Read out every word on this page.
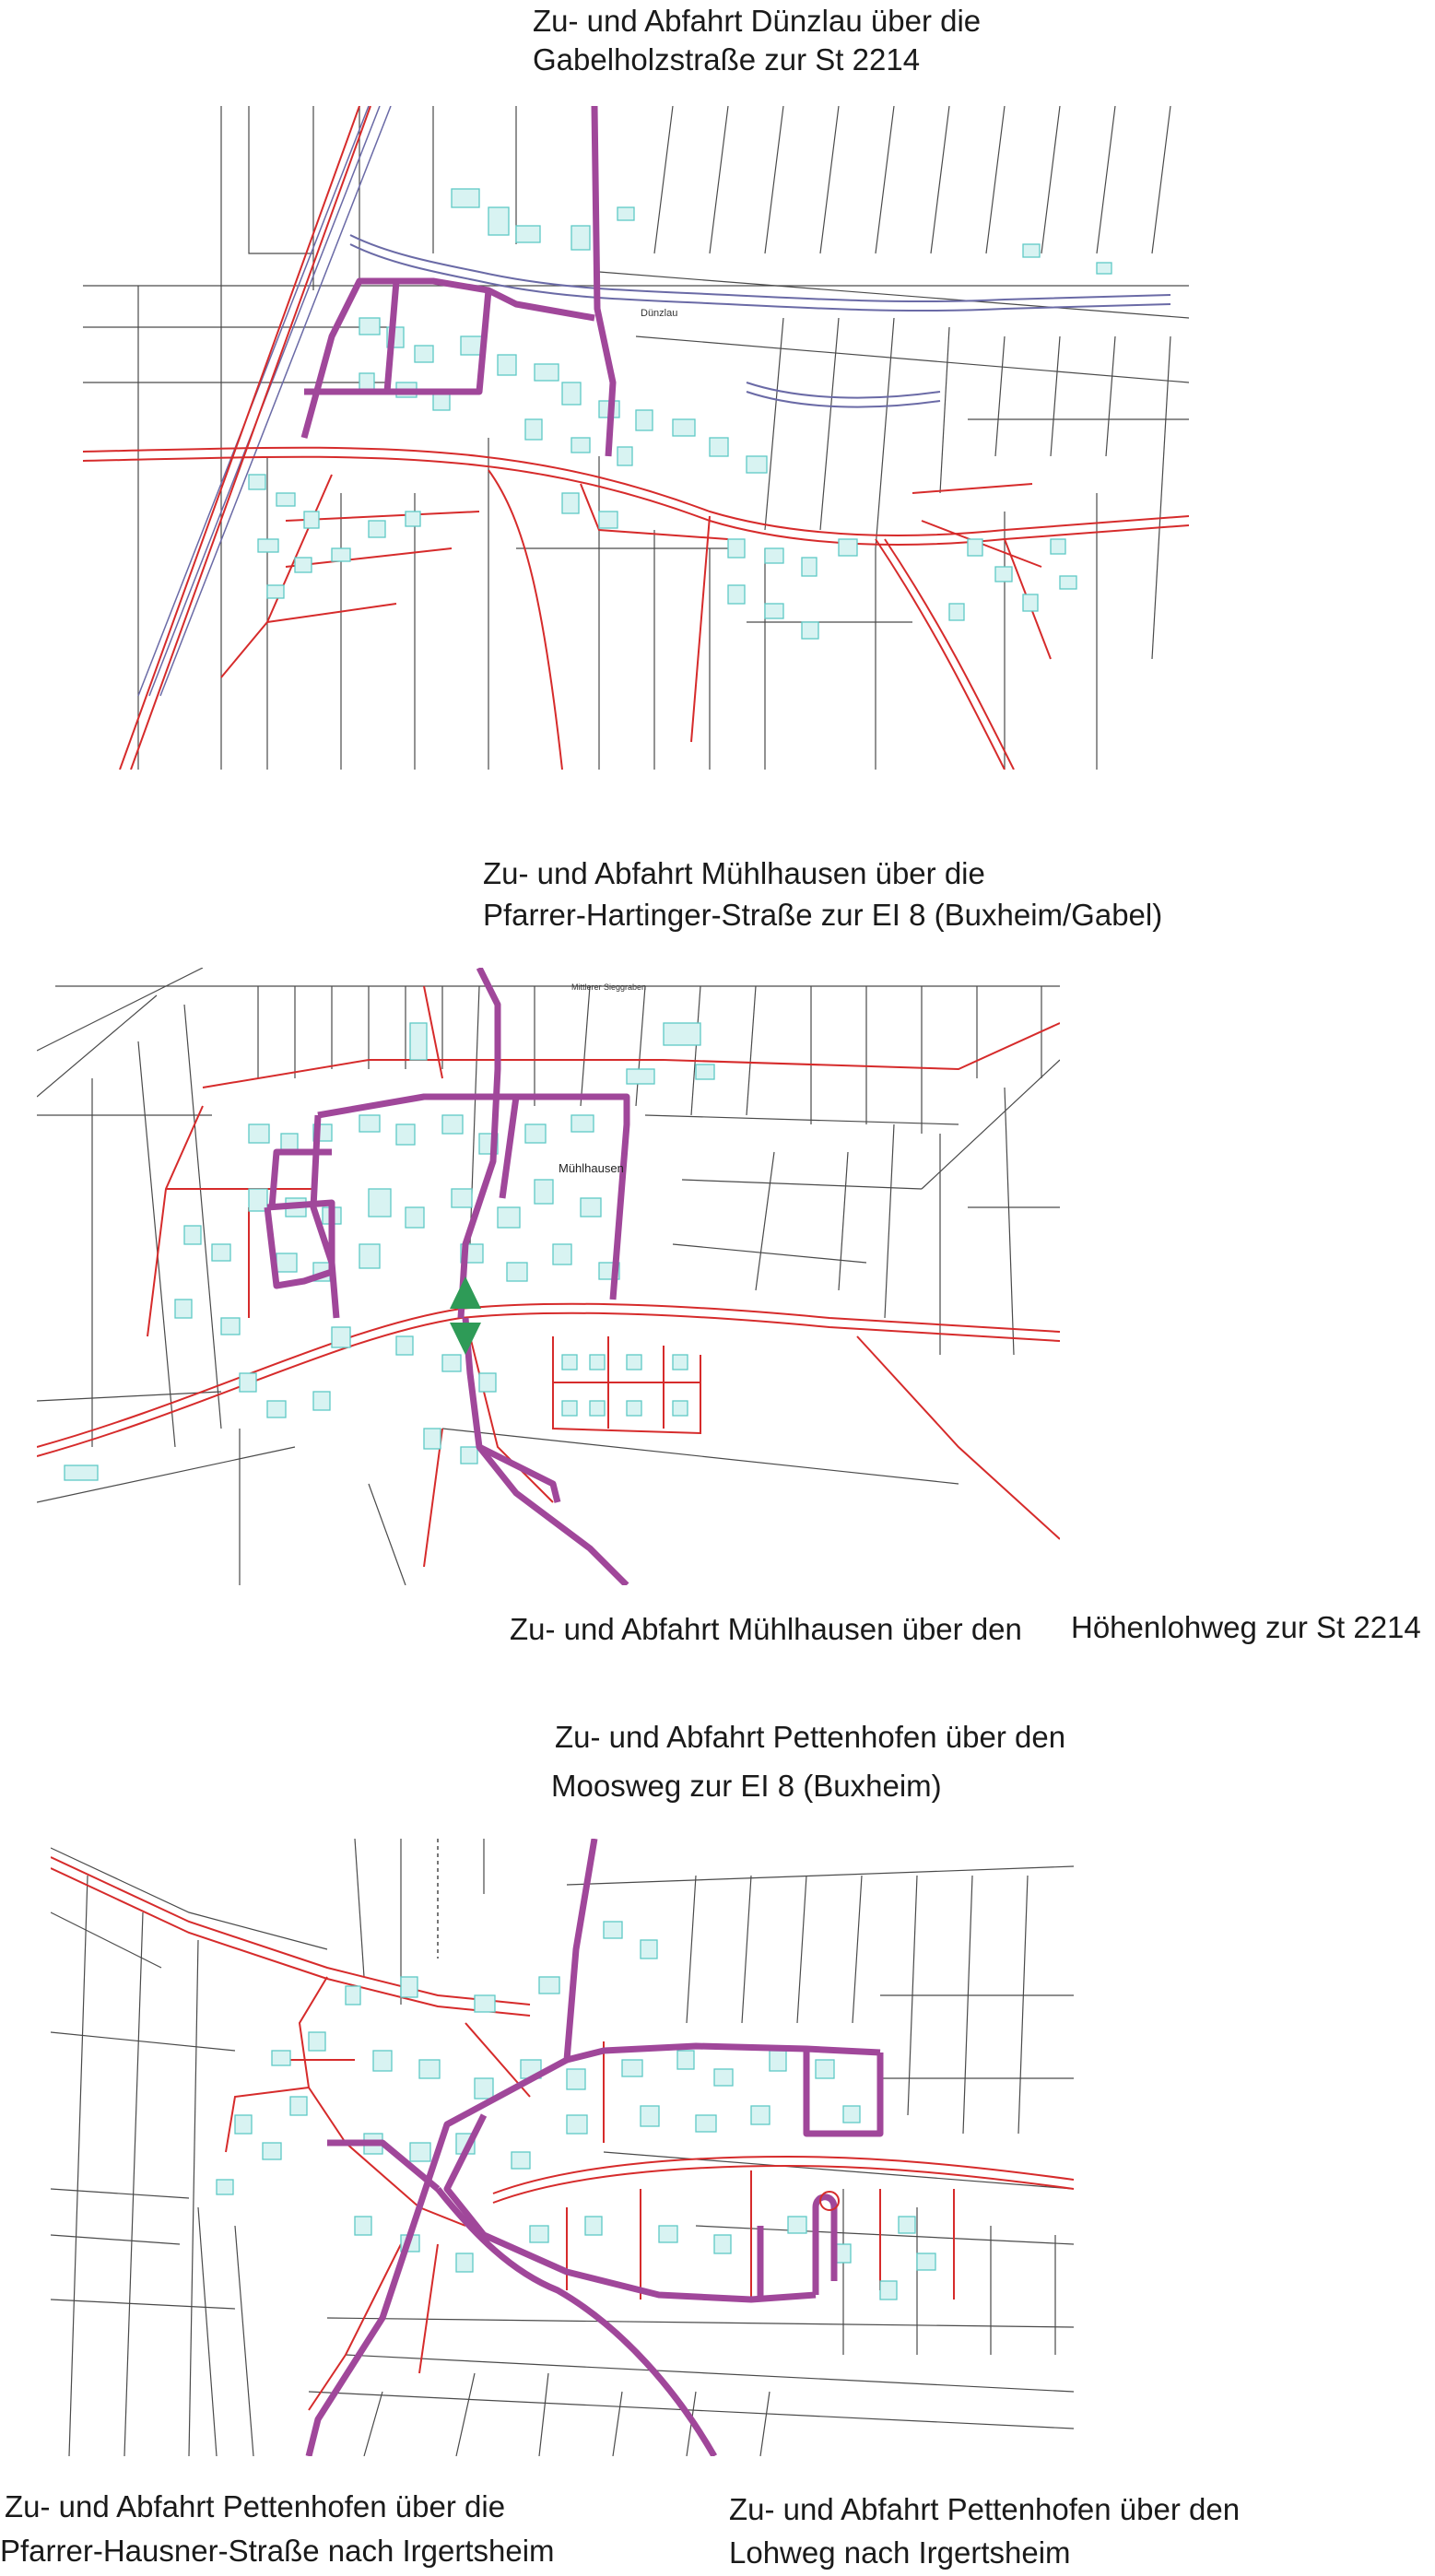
Zu- und Abfahrt Dünzlau über die
Gabelholzstraße zur St 2214
Dünzlau
Zu- und Abfahrt Mühlhausen über die
Pfarrer-Hartinger-Straße zur EI 8 (Buxheim/Gabel)
Mühlhausen
Mittlerer Sieggraben
Zu- und Abfahrt Mühlhausen über den Höhenlohweg zur St 2214
Zu- und Abfahrt Pettenhofen über den
Moosweg zur EI 8 (Buxheim)
Zu- und Abfahrt Pettenhofen über die
Pfarrer-Hausner-Straße nach Irgertsheim
Zu- und Abfahrt Pettenhofen über den
Lohweg nach Irgertsheim
